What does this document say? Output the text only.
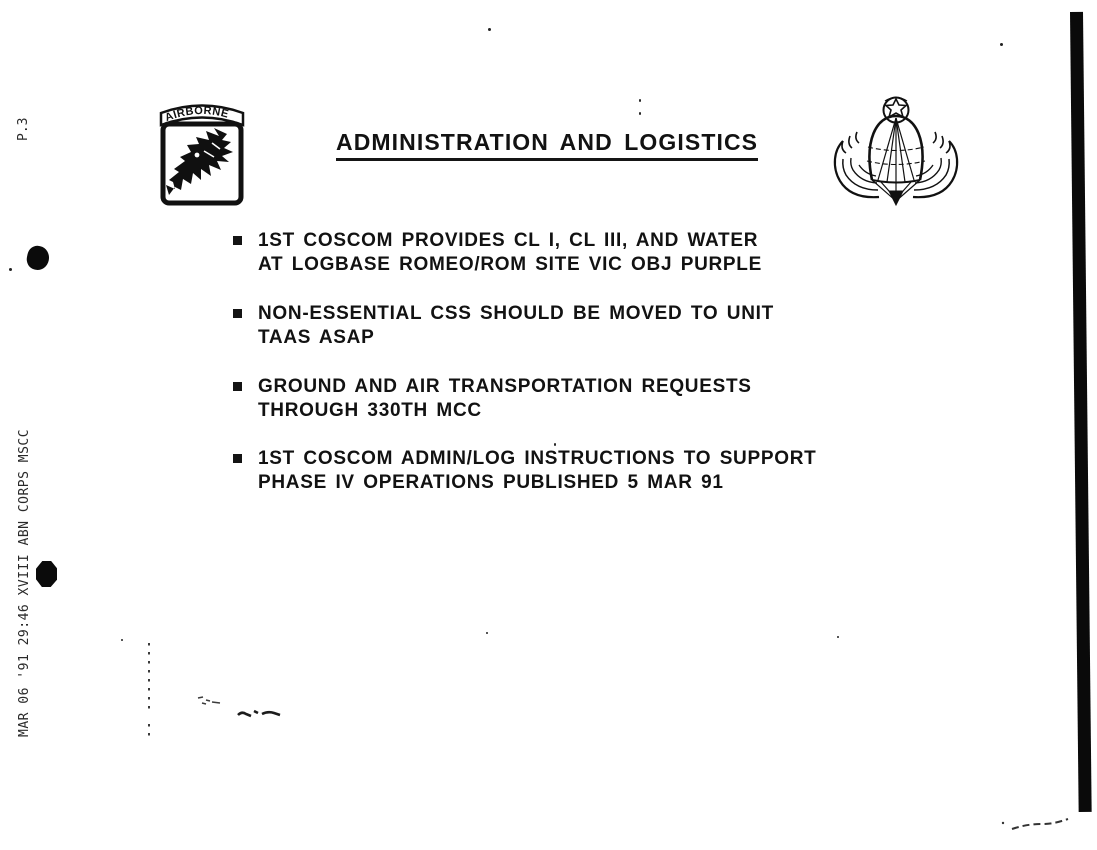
P.3
MAR 06 '91 29:46 XVIII ABN CORPS MSCC
AIRBORNE
ADMINISTRATION AND LOGISTICS
1ST COSCOM PROVIDES CL I, CL III, AND WATER
AT LOGBASE ROMEO/ROM SITE VIC OBJ PURPLE
NON-ESSENTIAL CSS SHOULD BE MOVED TO UNIT
TAAS ASAP
GROUND AND AIR TRANSPORTATION REQUESTS
THROUGH 330TH MCC
1ST COSCOM ADMIN/LOG INSTRUCTIONS TO SUPPORT
PHASE IV OPERATIONS PUBLISHED 5 MAR 91
